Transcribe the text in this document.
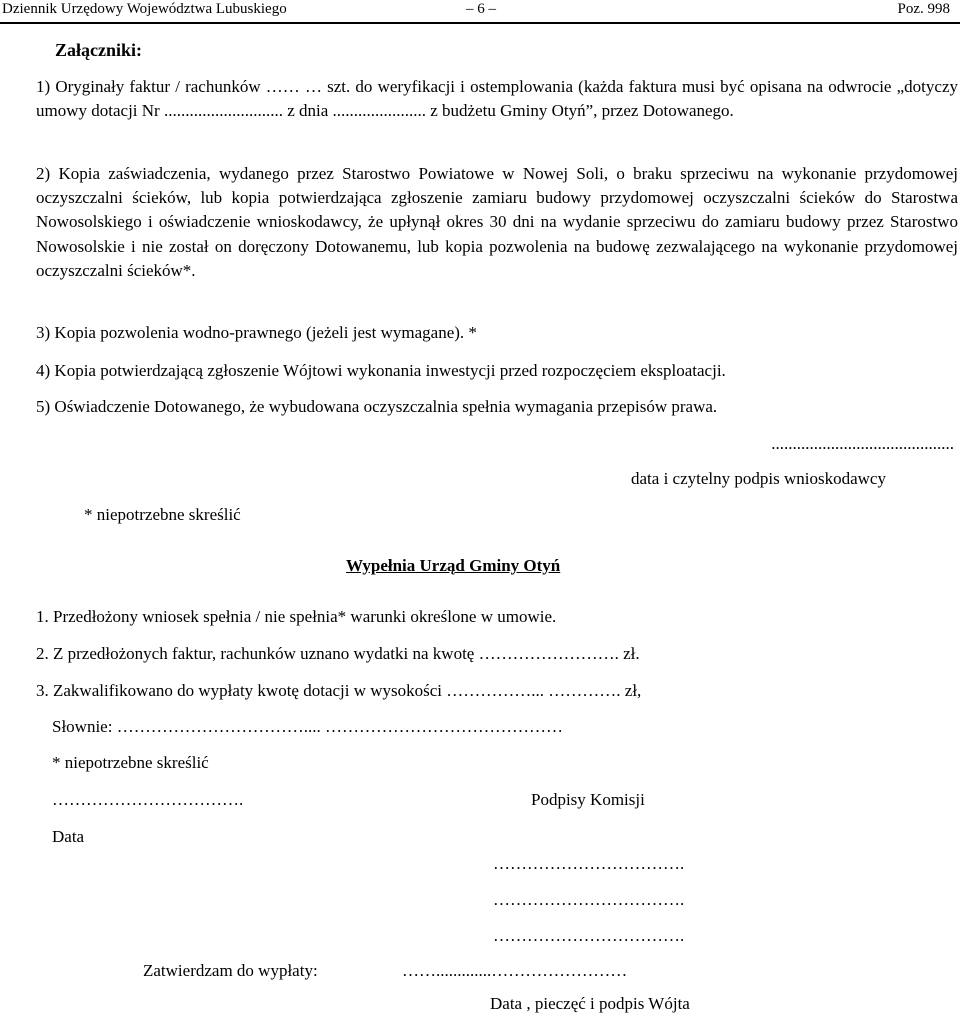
Dziennik Urzędowy Województwa Lubuskiego	– 6 –	Poz. 998
Załączniki:
1) Oryginały faktur / rachunków …… … szt. do weryfikacji i ostemplowania (każda faktura musi być opisana na odwrocie „dotyczy umowy dotacji Nr ............................ z dnia ...................... z budżetu Gminy Otyń”, przez Dotowanego.
2) Kopia zaświadczenia, wydanego przez Starostwo Powiatowe w Nowej Soli, o braku sprzeciwu na wykonanie przydomowej oczyszczalni ścieków, lub kopia potwierdzająca zgłoszenie zamiaru budowy przydomowej oczyszczalni ścieków do Starostwa Nowosolskiego i oświadczenie wnioskodawcy, że upłynął okres 30 dni na wydanie sprzeciwu do zamiaru budowy przez Starostwo Nowosolskie i nie został on doręczony Dotowanemu, lub kopia pozwolenia na budowę zezwalającego na wykonanie przydomowej oczyszczalni ścieków*.
3) Kopia pozwolenia wodno-prawnego (jeżeli jest wymagane). *
4) Kopia potwierdzającą zgłoszenie Wójtowi wykonania inwestycji przed rozpoczęciem eksploatacji.
5) Oświadczenie Dotowanego, że wybudowana oczyszczalnia spełnia wymagania przepisów prawa.
...........................................
data i czytelny podpis wnioskodawcy
* niepotrzebne skreślić
Wypełnia Urząd Gminy Otyń
1. Przedłożony wniosek spełnia / nie spełnia* warunki określone w umowie.
2. Z przedłożonych faktur, rachunków uznano wydatki na kwotę ……………………. zł.
3. Zakwalifikowano do wypłaty kwotę dotacji w wysokości ……………... …………. zł,
Słownie: …………………………….... ……………………………………
* niepotrzebne skreślić
…………………………….	Podpisy Komisji
Data
…………………………….
…………………………….
…………………………….
Zatwierdzam do wypłaty:	…….............……………………
Data , pieczęć i podpis Wójta
